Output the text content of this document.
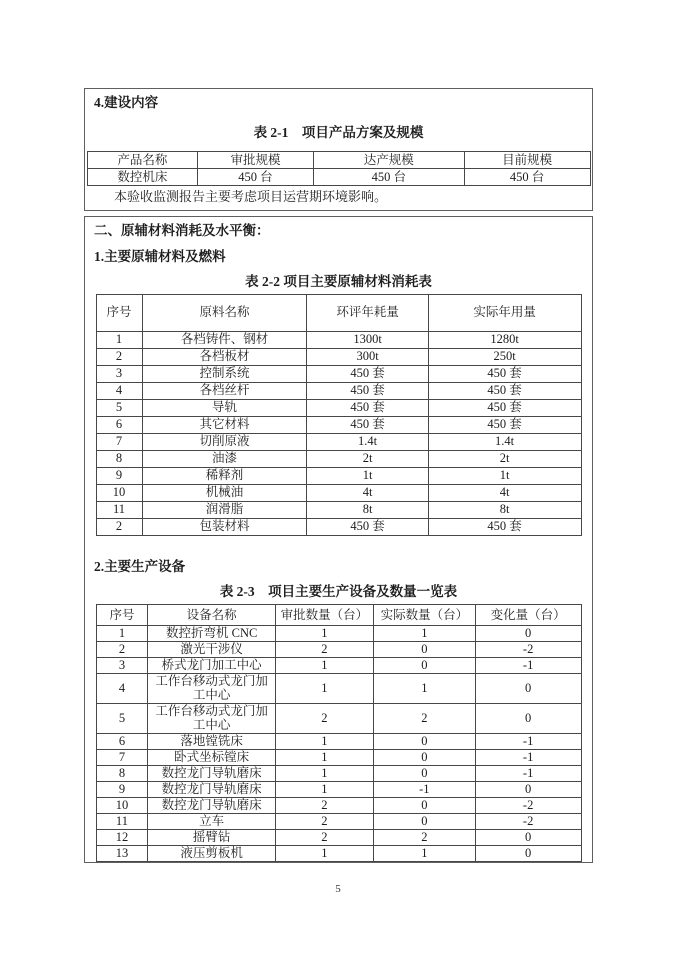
4.建设内容
表 2-1　项目产品方案及规模
产品名称	审批规模	达产规模	目前规模
数控机床	450 台	450 台	450 台
本验收监测报告主要考虑项目运营期环境影响。
二、原辅材料消耗及水平衡：
1.主要原辅材料及燃料
表 2-2 项目主要原辅材料消耗表
序号	原料名称	环评年耗量	实际年用量
1	各档铸件、钢材	1300t	1280t
2	各档板材	300t	250t
3	控制系统	450 套	450 套
4	各档丝杆	450 套	450 套
5	导轨	450 套	450 套
6	其它材料	450 套	450 套
7	切削原液	1.4t	1.4t
8	油漆	2t	2t
9	稀释剂	1t	1t
10	机械油	4t	4t
11	润滑脂	8t	8t
2	包装材料	450 套	450 套
2.主要生产设备
表 2-3　项目主要生产设备及数量一览表
序号	设备名称	审批数量（台）	实际数量（台）	变化量（台）
1	数控折弯机 CNC	1	1	0
2	激光干涉仪	2	0	-2
3	桥式龙门加工中心	1	0	-1
4	工作台移动式龙门加工中心	1	1	0
5	工作台移动式龙门加工中心	2	2	0
6	落地镗铣床	1	0	-1
7	卧式坐标镗床	1	0	-1
8	数控龙门导轨磨床	1	0	-1
9	数控龙门导轨磨床	1	-1	0
10	数控龙门导轨磨床	2	0	-2
11	立车	2	0	-2
12	摇臂钻	2	2	0
13	液压剪板机	1	1	0
5
